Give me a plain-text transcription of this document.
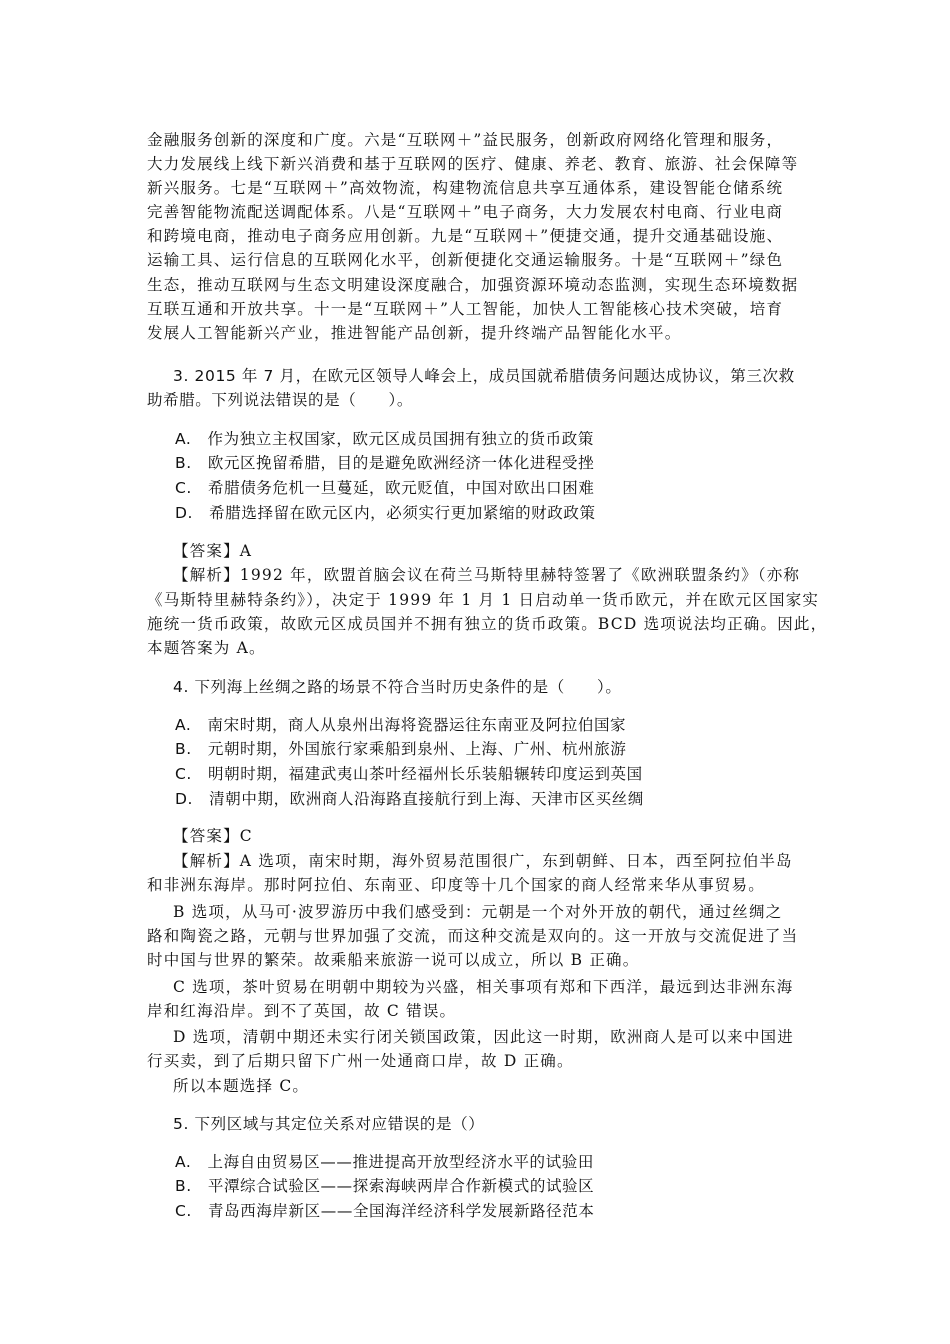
金融服务创新的深度和广度。六是“互联网＋”益民服务，创新政府网络化管理和服务，
大力发展线上线下新兴消费和基于互联网的医疗、健康、养老、教育、旅游、社会保障等
新兴服务。七是“互联网＋”高效物流，构建物流信息共享互通体系，建设智能仓储系统
完善智能物流配送调配体系。八是“互联网＋”电子商务，大力发展农村电商、行业电商
和跨境电商，推动电子商务应用创新。九是“互联网＋”便捷交通，提升交通基础设施、
运输工具、运行信息的互联网化水平，创新便捷化交通运输服务。十是“互联网＋”绿色
生态，推动互联网与生态文明建设深度融合，加强资源环境动态监测，实现生态环境数据
互联互通和开放共享。十一是“互联网＋”人工智能，加快人工智能核心技术突破，培育
发展人工智能新兴产业，推进智能产品创新，提升终端产品智能化水平。
3. 2015 年 7 月，在欧元区领导人峰会上，成员国就希腊债务问题达成协议，第三次救
助希腊。下列说法错误的是（　　）。
A.　作为独立主权国家，欧元区成员国拥有独立的货币政策
B.　欧元区挽留希腊，目的是避免欧洲经济一体化进程受挫
C.　希腊债务危机一旦蔓延，欧元贬值，中国对欧出口困难
D.　希腊选择留在欧元区内，必须实行更加紧缩的财政政策
【答案】A
【解析】1992 年，欧盟首脑会议在荷兰马斯特里赫特签署了《欧洲联盟条约》（亦称
《马斯特里赫特条约》），决定于 1999 年 1 月 1 日启动单一货币欧元，并在欧元区国家实
施统一货币政策，故欧元区成员国并不拥有独立的货币政策。BCD 选项说法均正确。因此，
本题答案为 A。
4. 下列海上丝绸之路的场景不符合当时历史条件的是（　　）。
A.　南宋时期，商人从泉州出海将瓷器运往东南亚及阿拉伯国家
B.　元朝时期，外国旅行家乘船到泉州、上海、广州、杭州旅游
C.　明朝时期，福建武夷山茶叶经福州长乐装船辗转印度运到英国
D.　清朝中期，欧洲商人沿海路直接航行到上海、天津市区买丝绸
【答案】C
【解析】A 选项，南宋时期，海外贸易范围很广，东到朝鲜、日本，西至阿拉伯半岛
和非洲东海岸。那时阿拉伯、东南亚、印度等十几个国家的商人经常来华从事贸易。
B 选项，从马可·波罗游历中我们感受到：元朝是一个对外开放的朝代，通过丝绸之
路和陶瓷之路，元朝与世界加强了交流，而这种交流是双向的。这一开放与交流促进了当
时中国与世界的繁荣。故乘船来旅游一说可以成立，所以 B 正确。
C 选项，茶叶贸易在明朝中期较为兴盛，相关事项有郑和下西洋，最远到达非洲东海
岸和红海沿岸。到不了英国，故 C 错误。
D 选项，清朝中期还未实行闭关锁国政策，因此这一时期，欧洲商人是可以来中国进
行买卖，到了后期只留下广州一处通商口岸，故 D 正确。
所以本题选择 C。
5. 下列区域与其定位关系对应错误的是（）
A.　上海自由贸易区——推进提高开放型经济水平的试验田
B.　平潭综合试验区——探索海峡两岸合作新模式的试验区
C.　青岛西海岸新区——全国海洋经济科学发展新路径范本
